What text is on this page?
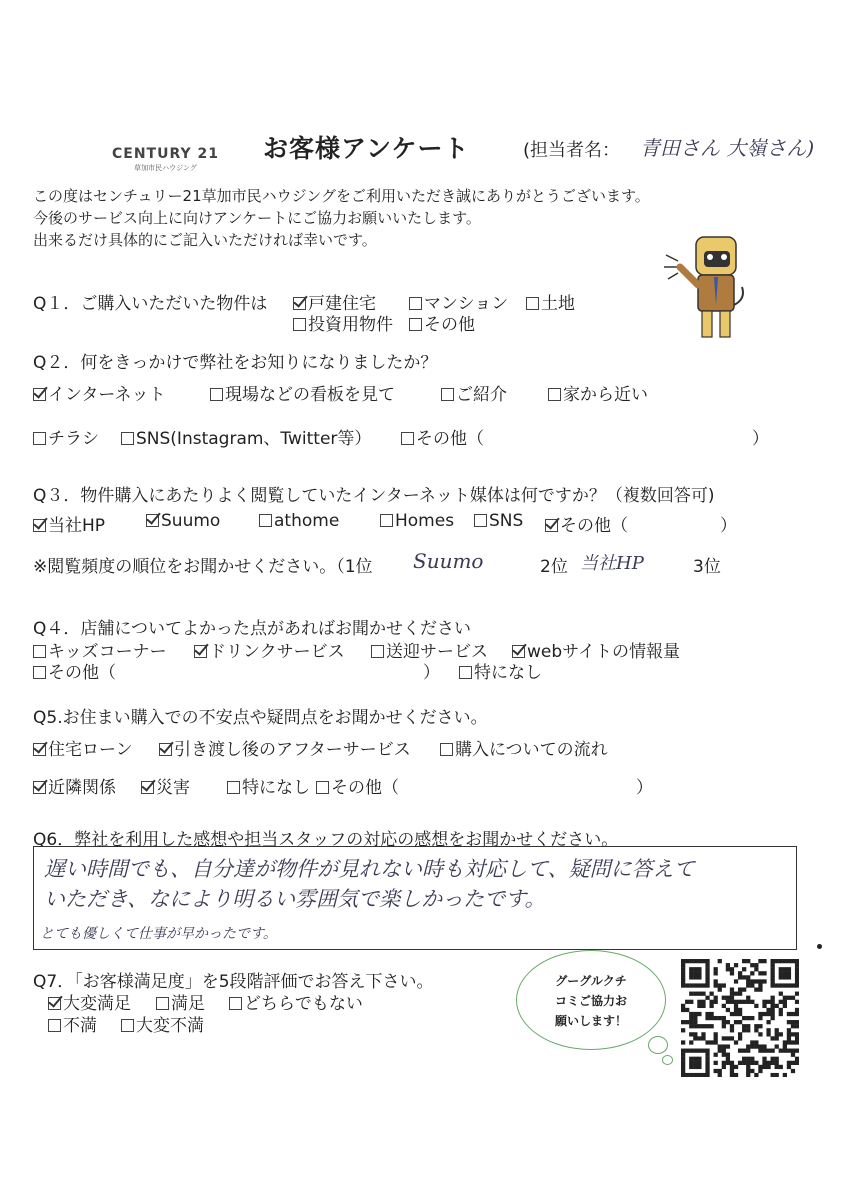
CENTURY 21
草加市民ハウジング
お客様アンケート	(担当者名： 青田さん 大嶺さん)
この度はセンチュリー21草加市民ハウジングをご利用いただき誠にありがとうございます。
今後のサービス向上に向けアンケートにご協力お願いいたします。
出来るだけ具体的にご記入いただければ幸いです。
Q１．ご購入いただいた物件は	戸建住宅	マンション	土地
投資用物件	その他
Q２．何をきっかけで弊社をお知りになりましたか？
インターネット	現場などの看板を見て	ご紹介	家から近い
チラシ	SNS(Instagram、Twitter等）	その他（	）
Q３．物件購入にあたりよく閲覧していたインターネット媒体は何ですか？（複数回答可)
当社HP	Suumo	athome	Homes	SNS	その他（	）
※閲覧頻度の順位をお聞かせください。（1位 Suumo	2位 当社HP	3位
Q４．店舗についてよかった点があればお聞かせください
キッズコーナー	ドリンクサービス	送迎サービス	webサイトの情報量
その他（	）	特になし
Q5.お住まい購入での不安点や疑問点をお聞かせください。
住宅ローン	引き渡し後のアフターサービス	購入についての流れ
近隣関係	災害	特になし	その他（	）
Q6．弊社を利用した感想や担当スタッフの対応の感想をお聞かせください。
遅い時間でも、自分達が物件が見れない時も対応して、疑問に答えて
いただき、なにより明るい雰囲気で楽しかったです。
とても優しくて仕事が早かったです。
Q7．「お客様満足度」を5段階評価でお答え下さい。
大変満足	満足	どちらでもない
不満	大変不満
グーグルクチ
コミご協力お
願いします！
